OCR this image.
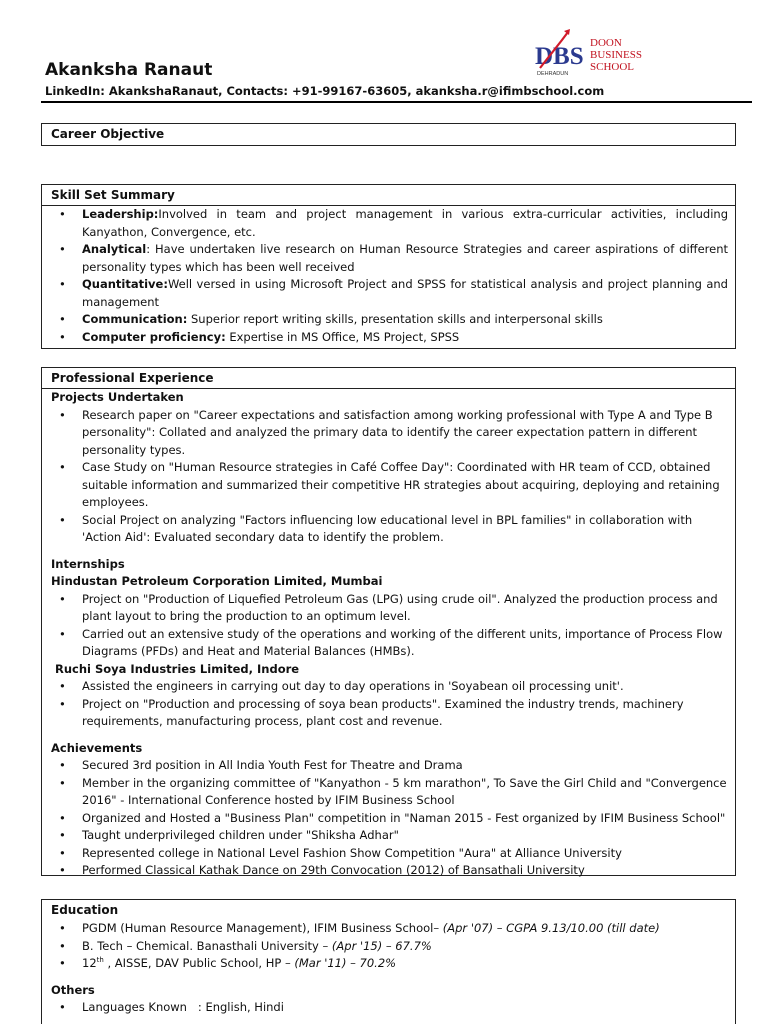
Akanksha Ranaut
LinkedIn: AkankshaRanaut, Contacts: +91-99167-63605, akanksha.r@ifimbschool.com
DBS DOON
BUSINESS
SCHOOL
DEHRADUN
Career Objective
Skill Set Summary
• Leadership:Involved in team and project management in various extra-curricular activities, including Kanyathon, Convergence, etc.
• Analytical: Have undertaken live research on Human Resource Strategies and career aspirations of different personality types which has been well received
• Quantitative:Well versed in using Microsoft Project and SPSS for statistical analysis and project planning and management
• Communication: Superior report writing skills, presentation skills and interpersonal skills
• Computer proficiency: Expertise in MS Office, MS Project, SPSS
Professional Experience
Projects Undertaken
• Research paper on "Career expectations and satisfaction among working professional with Type A and Type B personality": Collated and analyzed the primary data to identify the career expectation pattern in different personality types.
• Case Study on "Human Resource strategies in Café Coffee Day": Coordinated with HR team of CCD, obtained suitable information and summarized their competitive HR strategies about acquiring, deploying and retaining employees.
• Social Project on analyzing "Factors influencing low educational level in BPL families" in collaboration with 'Action Aid': Evaluated secondary data to identify the problem.
Internships
Hindustan Petroleum Corporation Limited, Mumbai
• Project on "Production of Liquefied Petroleum Gas (LPG) using crude oil". Analyzed the production process and plant layout to bring the production to an optimum level.
• Carried out an extensive study of the operations and working of the different units, importance of Process Flow Diagrams (PFDs) and Heat and Material Balances (HMBs).
Ruchi Soya Industries Limited, Indore
• Assisted the engineers in carrying out day to day operations in 'Soyabean oil processing unit'.
• Project on "Production and processing of soya bean products". Examined the industry trends, machinery requirements, manufacturing process, plant cost and revenue.
Achievements
• Secured 3rd position in All India Youth Fest for Theatre and Drama
• Member in the organizing committee of "Kanyathon - 5 km marathon", To Save the Girl Child and "Convergence 2016" - International Conference hosted by IFIM Business School
• Organized and Hosted a "Business Plan" competition in "Naman 2015 - Fest organized by IFIM Business School"
• Taught underprivileged children under "Shiksha Adhar"
• Represented college in National Level Fashion Show Competition "Aura" at Alliance University
• Performed Classical Kathak Dance on 29th Convocation (2012) of Bansathali University
Education
• PGDM (Human Resource Management), IFIM Business School– (Apr '07) – CGPA 9.13/10.00 (till date)
• B. Tech – Chemical. Banasthali University – (Apr '15) – 67.7%
• 12th , AISSE, DAV Public School, HP – (Mar '11) – 70.2%
Others
• Languages Known   : English, Hindi
